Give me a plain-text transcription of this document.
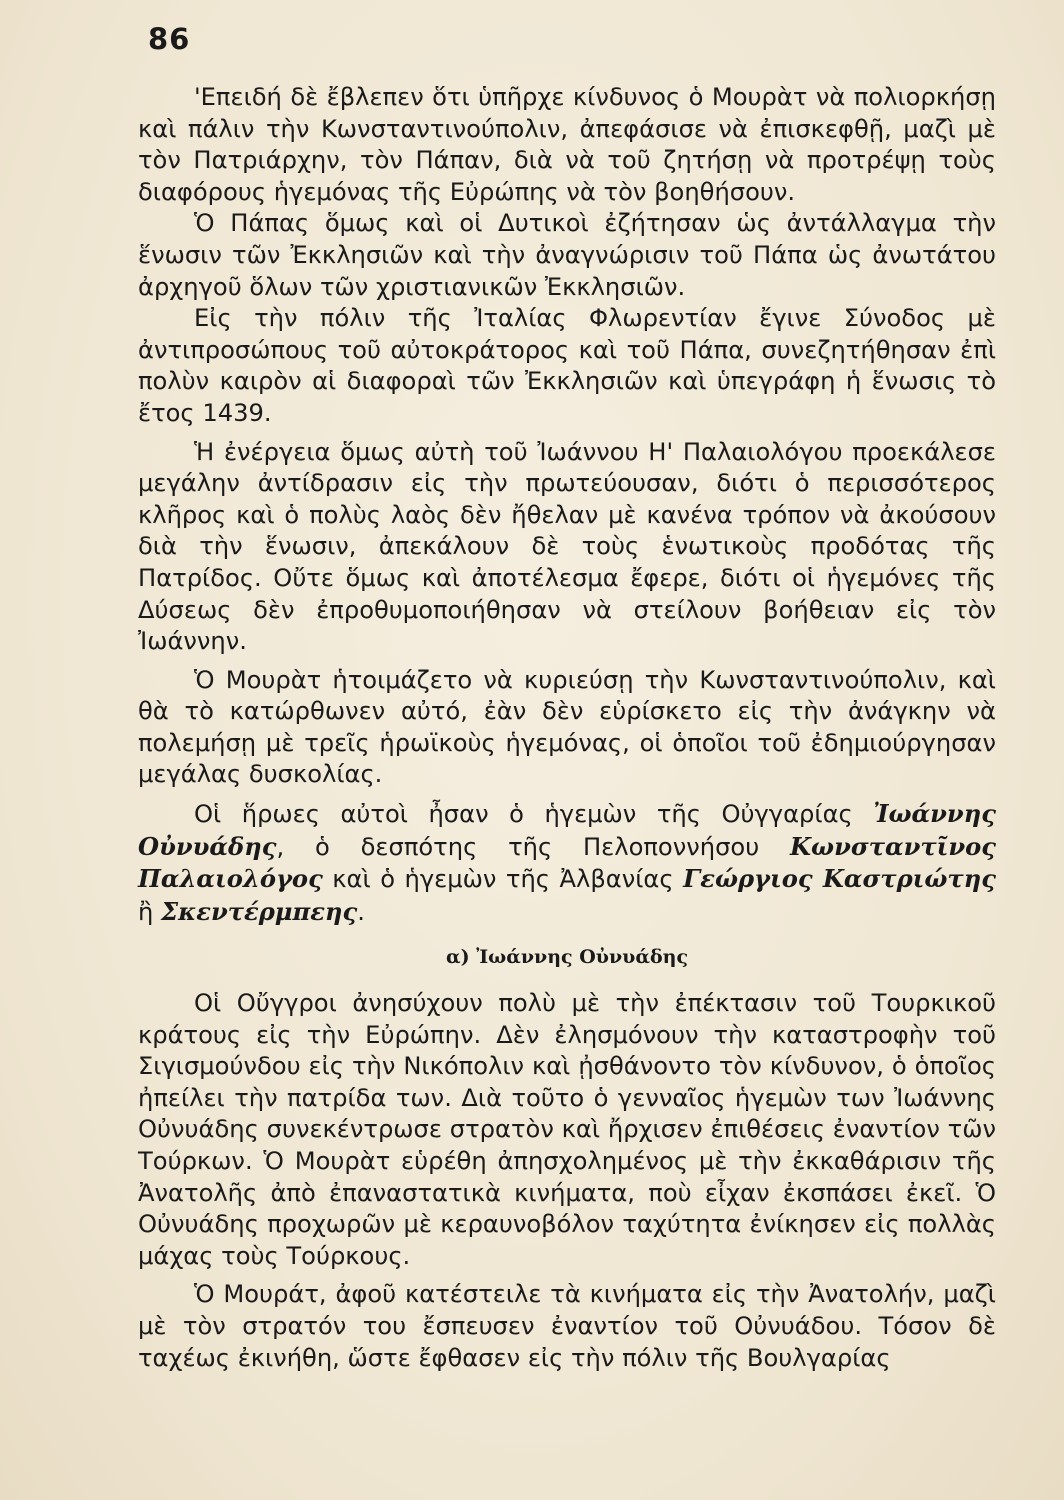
86

'Επειδή δὲ ἔβλεπεν ὅτι ὑπῆρχε κίνδυνος ὁ Μουρὰτ νὰ πολιορκήσῃ καὶ πάλιν τὴν Κωνσταντινούπολιν, ἀπεφάσισε νὰ ἐπισκεφθῇ, μαζὶ μὲ τὸν Πατριάρχην, τὸν Πάπαν, διὰ νὰ τοῦ ζητήσῃ νὰ προτρέψῃ τοὺς διαφόρους ἡγεμόνας τῆς Εὐρώπης νὰ τὸν βοηθήσουν.

Ὁ Πάπας ὅμως καὶ οἱ Δυτικοὶ ἐζήτησαν ὡς ἀντάλλαγμα τὴν ἕνωσιν τῶν Ἐκκλησιῶν καὶ τὴν ἀναγνώρισιν τοῦ Πάπα ὡς ἀνωτάτου ἀρχηγοῦ ὅλων τῶν χριστιανικῶν Ἐκκλησιῶν.

Εἰς τὴν πόλιν τῆς Ἰταλίας Φλωρεντίαν ἔγινε Σύνοδος μὲ ἀντιπροσώπους τοῦ αὐτοκράτορος καὶ τοῦ Πάπα, συνεζητήθησαν ἐπὶ πολὺν καιρὸν αἱ διαφοραὶ τῶν Ἐκκλησιῶν καὶ ὑπεγράφη ἡ ἕνωσις τὸ ἔτος 1439.

Ἡ ἐνέργεια ὅμως αὐτὴ τοῦ Ἰωάννου Η' Παλαιολόγου προεκάλεσε μεγάλην ἀντίδρασιν εἰς τὴν πρωτεύουσαν, διότι ὁ περισσότερος κλῆρος καὶ ὁ πολὺς λαὸς δὲν ἤθελαν μὲ κανένα τρόπον νὰ ἀκούσουν διὰ τὴν ἕνωσιν, ἀπεκάλουν δὲ τοὺς ἑνωτικοὺς προδότας τῆς Πατρίδος. Οὔτε ὅμως καὶ ἀποτέλεσμα ἔφερε, διότι οἱ ἡγεμόνες τῆς Δύσεως δὲν ἐπροθυμοποιήθησαν νὰ στείλουν βοήθειαν εἰς τὸν Ἰωάννην.

Ὁ Μουρὰτ ἡτοιμάζετο νὰ κυριεύσῃ τὴν Κωνσταντινούπολιν, καὶ θὰ τὸ κατώρθωνεν αὐτό, ἐὰν δὲν εὑρίσκετο εἰς τὴν ἀνάγκην νὰ πολεμήσῃ μὲ τρεῖς ἡρωϊκοὺς ἡγεμόνας, οἱ ὁποῖοι τοῦ ἐδημιούργησαν μεγάλας δυσκολίας.

Οἱ ἥρωες αὐτοὶ ἦσαν ὁ ἡγεμὼν τῆς Οὐγγαρίας Ἰωάννης Οὐνυάδης, ὁ δεσπότης τῆς Πελοποννήσου Κωνσταντῖνος Παλαιολόγος καὶ ὁ ἡγεμὼν τῆς Ἀλβανίας Γεώργιος Καστριώτης ἢ Σκεντέρμπεης.

α) Ἰωάννης Οὐνυάδης

Οἱ Οὔγγροι ἀνησύχουν πολὺ μὲ τὴν ἐπέκτασιν τοῦ Τουρκικοῦ κράτους εἰς τὴν Εὐρώπην. Δὲν ἐλησμόνουν τὴν καταστροφὴν τοῦ Σιγισμούνδου εἰς τὴν Νικόπολιν καὶ ᾐσθάνοντο τὸν κίνδυνον, ὁ ὁποῖος ἠπείλει τὴν πατρίδα των. Διὰ τοῦτο ὁ γενναῖος ἡγεμὼν των Ἰωάννης Οὐνυάδης συνεκέντρωσε στρατὸν καὶ ἤρχισεν ἐπιθέσεις ἐναντίον τῶν Τούρκων. Ὁ Μουρὰτ εὑρέθη ἀπησχολημένος μὲ τὴν ἐκκαθάρισιν τῆς Ἀνατολῆς ἀπὸ ἐπαναστατικὰ κινήματα, ποὺ εἶχαν ἐκσπάσει ἐκεῖ. Ὁ Οὐνυάδης προχωρῶν μὲ κεραυνοβόλον ταχύτητα ἐνίκησεν εἰς πολλὰς μάχας τοὺς Τούρκους.

Ὁ Μουράτ, ἀφοῦ κατέστειλε τὰ κινήματα εἰς τὴν Ἀνατολήν, μαζὶ μὲ τὸν στρατόν του ἔσπευσεν ἐναντίον τοῦ Οὐνυάδου. Τόσον δὲ ταχέως ἐκινήθη, ὥστε ἔφθασεν εἰς τὴν πόλιν τῆς Βουλγαρίας
